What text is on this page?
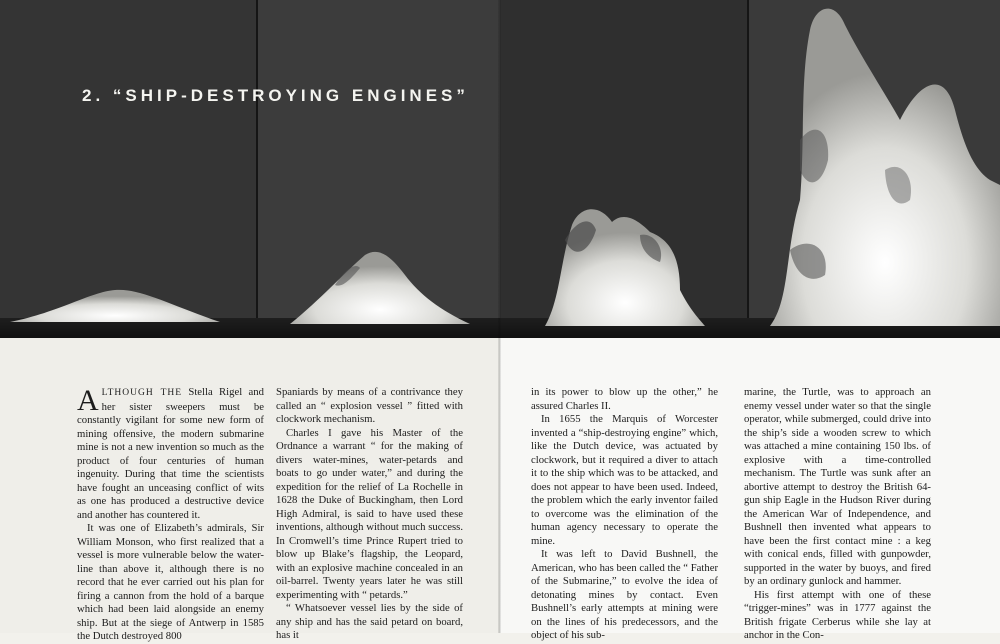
2. “SHIP-DESTROYING ENGINES”

ALTHOUGH THE Stella Rigel and her sister sweepers must be constantly vigilant for some new form of mining offensive, the modern submarine mine is not a new invention so much as the product of four centuries of human ingenuity. During that time the scientists have fought an unceasing conflict of wits as one has produced a destructive device and another has countered it.

It was one of Elizabeth’s admirals, Sir William Monson, who first realized that a vessel is more vulnerable below the water-line than above it, although there is no record that he ever carried out his plan for firing a cannon from the hold of a barque which had been laid alongside an enemy ship. But at the siege of Antwerp in 1585 the Dutch destroyed 800

Spaniards by means of a contrivance they called an “ explosion vessel ” fitted with clockwork mechanism.

Charles I gave his Master of the Ordnance a warrant “ for the making of divers water-mines, water-petards and boats to go under water,” and during the expedition for the relief of La Rochelle in 1628 the Duke of Buckingham, then Lord High Admiral, is said to have used these inventions, although without much success. In Cromwell’s time Prince Rupert tried to blow up Blake’s flagship, the Leopard, with an explosive machine concealed in an oil-barrel. Twenty years later he was still experimenting with “ petards.”

“ Whatsoever vessel lies by the side of any ship and has the said petard on board, has it

in its power to blow up the other,” he assured Charles II.

In 1655 the Marquis of Worcester invented a “ship-destroying engine” which, like the Dutch device, was actuated by clockwork, but it required a diver to attach it to the ship which was to be attacked, and does not appear to have been used. Indeed, the problem which the early inventor failed to overcome was the elimination of the human agency necessary to operate the mine.

It was left to David Bushnell, the American, who has been called the “ Father of the Submarine,” to evolve the idea of detonating mines by contact. Even Bushnell’s early attempts at mining were on the lines of his predecessors, and the object of his sub-

marine, the Turtle, was to approach an enemy vessel under water so that the single operator, while submerged, could drive into the ship’s side a wooden screw to which was attached a mine containing 150 lbs. of explosive with a time-controlled mechanism. The Turtle was sunk after an abortive attempt to destroy the British 64-gun ship Eagle in the Hudson River during the American War of Independence, and Bushnell then invented what appears to have been the first contact mine : a keg with conical ends, filled with gunpowder, supported in the water by buoys, and fired by an ordinary gunlock and hammer.

His first attempt with one of these “trigger-mines” was in 1777 against the British frigate Cerberus while she lay at anchor in the Con-
